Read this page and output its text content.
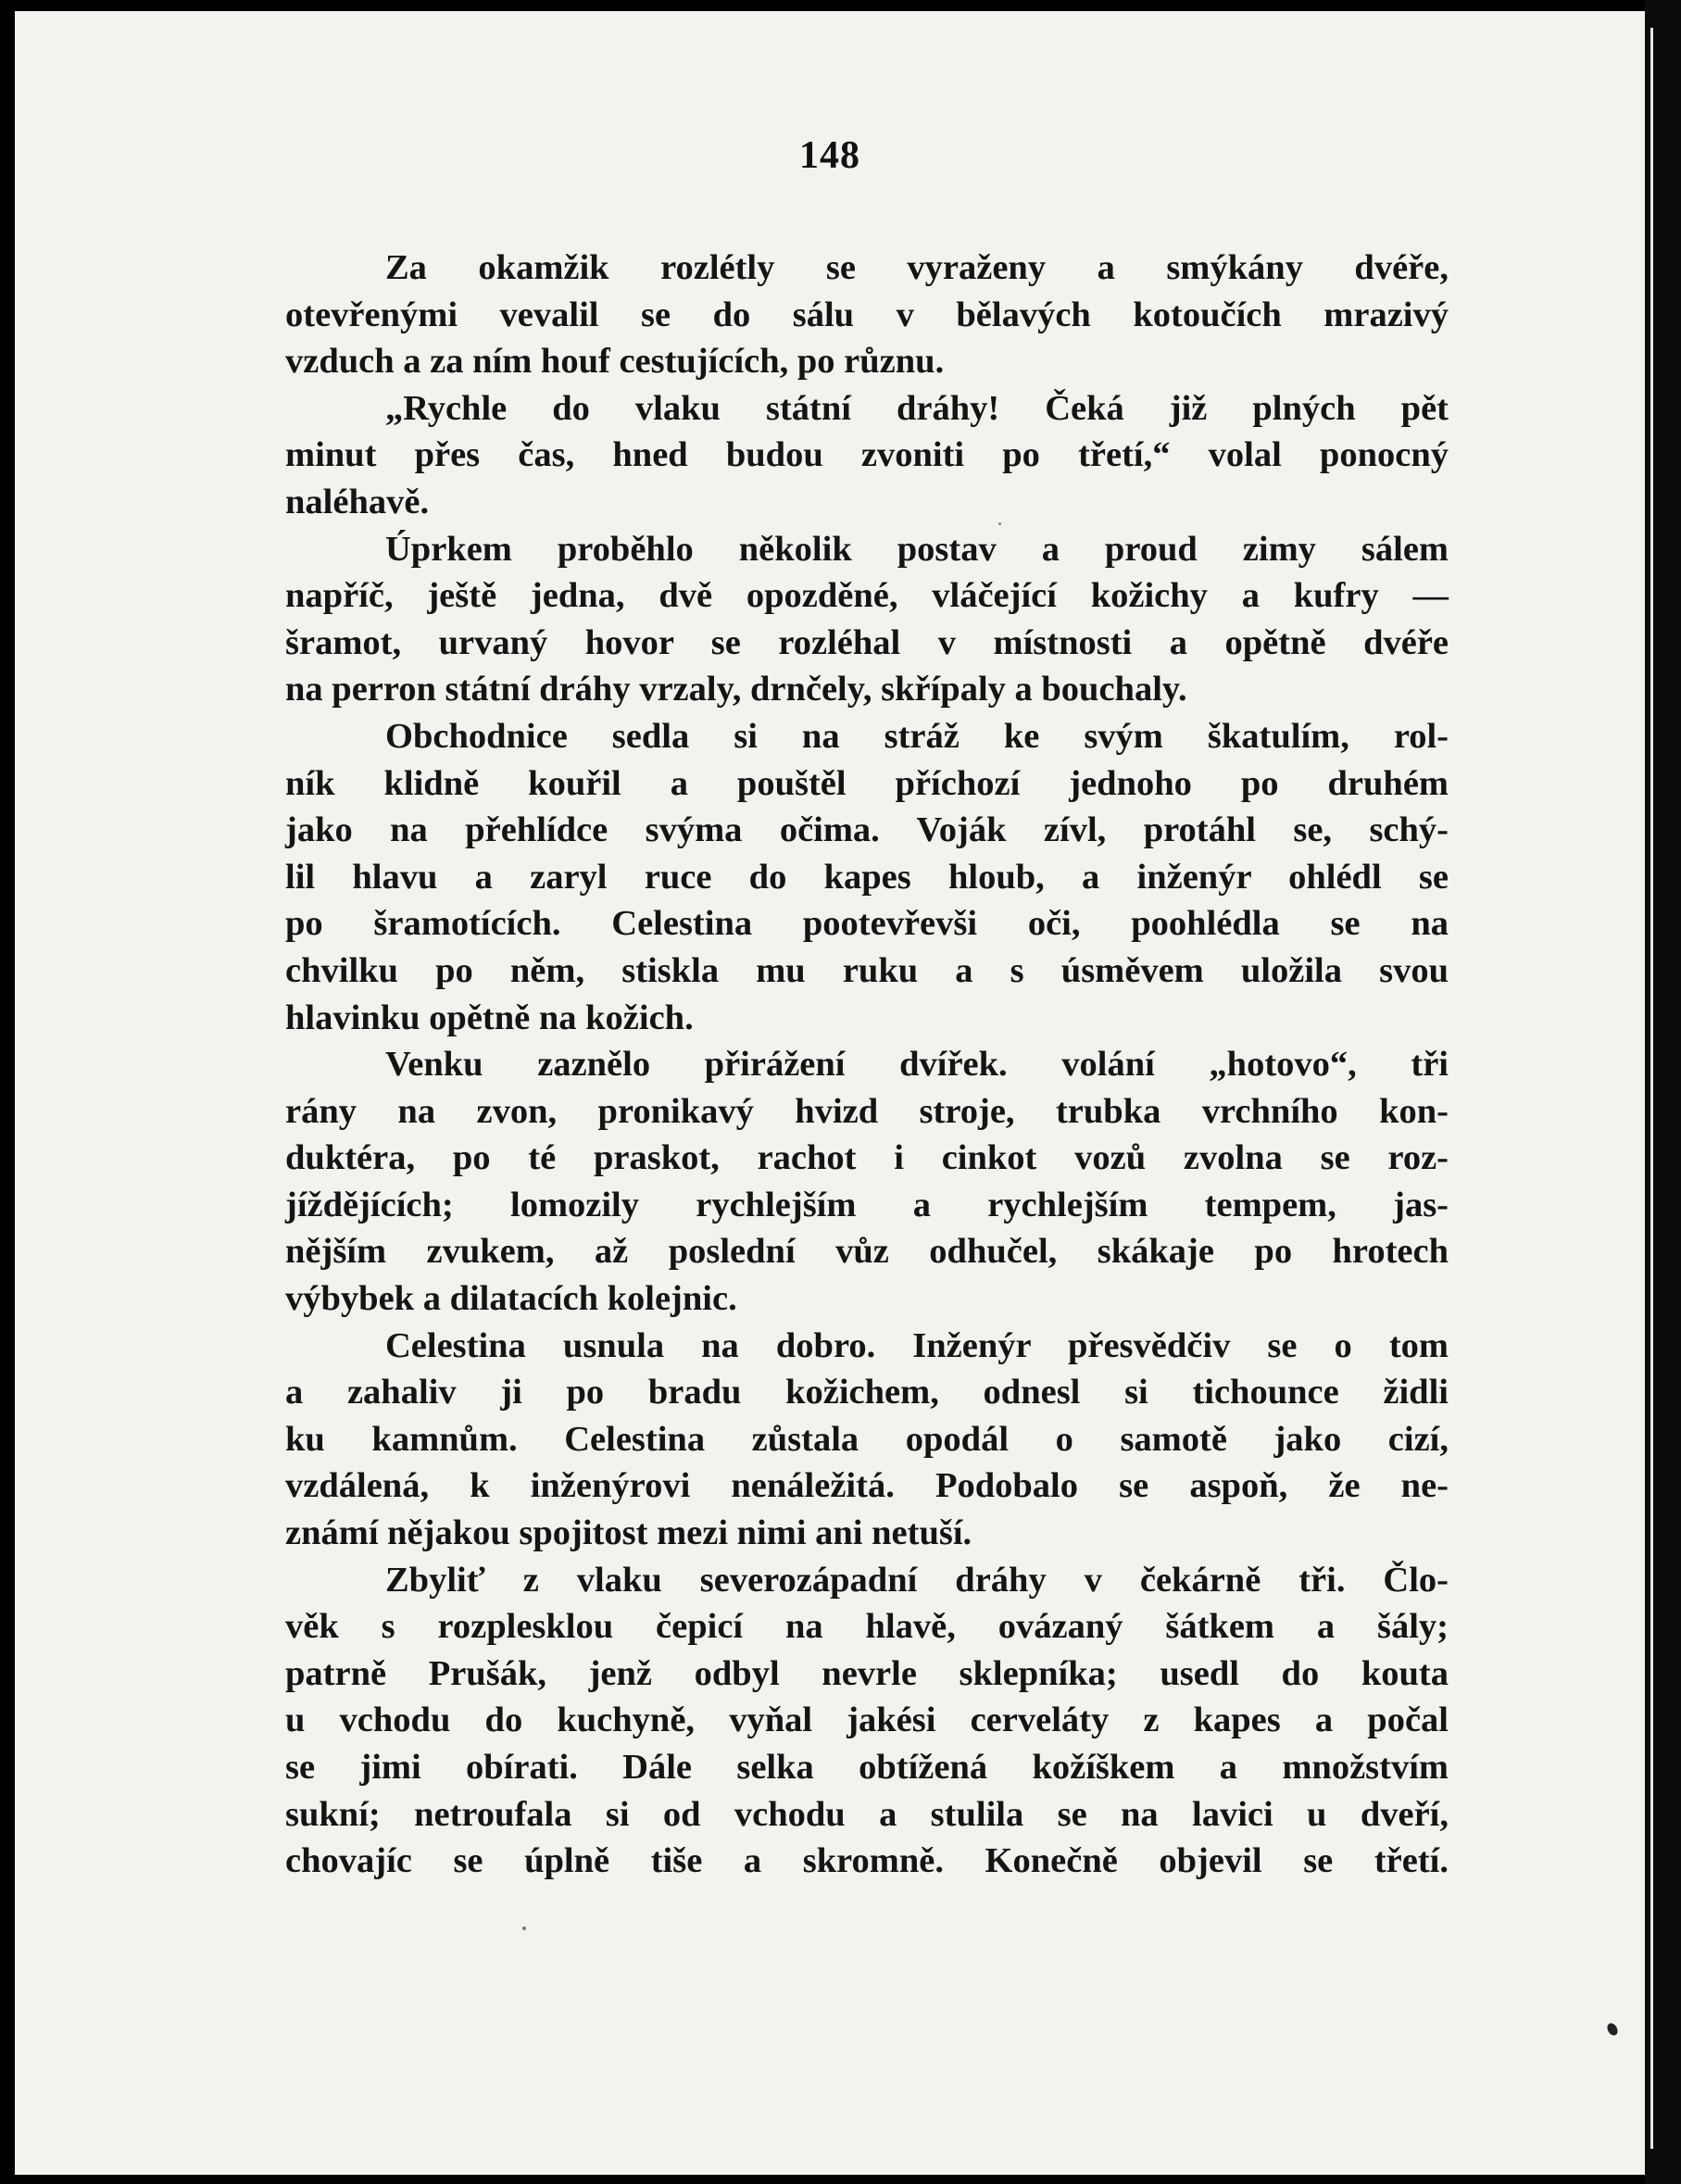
148

Za okamžik rozlétly se vyraženy a smýkány dvéře,
otevřenými vevalil se do sálu v bělavých kotoučích mrazivý
vzduch a za ním houf cestujících, po různu.

„Rychle do vlaku státní dráhy! Čeká již plných pět
minut přes čas, hned budou zvoniti po třetí,“ volal ponocný
naléhavě.

Úprkem proběhlo několik postav a proud zimy sálem
napříč, ještě jedna, dvě opozděné, vláčející kožichy a kufry —
šramot, urvaný hovor se rozléhal v místnosti a opětně dvéře
na perron státní dráhy vrzaly, drnčely, skřípaly a bouchaly.

Obchodnice sedla si na stráž ke svým škatulím, rol-
ník klidně kouřil a pouštěl příchozí jednoho po druhém
jako na přehlídce svýma očima. Voják zívl, protáhl se, schý-
lil hlavu a zaryl ruce do kapes hloub, a inženýr ohlédl se
po šramotících. Celestina pootevřevši oči, poohlédla se na
chvilku po něm, stiskla mu ruku a s úsměvem uložila svou
hlavinku opětně na kožich.

Venku zaznělo přirážení dvířek. volání „hotovo“, tři
rány na zvon, pronikavý hvizd stroje, trubka vrchního kon-
duktéra, po té praskot, rachot i cinkot vozů zvolna se roz-
jíždějících; lomozily rychlejším a rychlejším tempem, jas-
nějším zvukem, až poslední vůz odhučel, skákaje po hrotech
výbybek a dilatacích kolejnic.

Celestina usnula na dobro. Inženýr přesvědčiv se o tom
a zahaliv ji po bradu kožichem, odnesl si tichounce židli
ku kamnům. Celestina zůstala opodál o samotě jako cizí,
vzdálená, k inženýrovi nenáležitá. Podobalo se aspoň, že ne-
známí nějakou spojitost mezi nimi ani netuší.

Zbyliť z vlaku severozápadní dráhy v čekárně tři. Člo-
věk s rozplesklou čepicí na hlavě, ovázaný šátkem a šály;
patrně Prušák, jenž odbyl nevrle sklepníka; usedl do kouta
u vchodu do kuchyně, vyňal jakési cerveláty z kapes a počal
se jimi obírati. Dále selka obtížená kožíškem a množstvím
sukní; netroufala si od vchodu a stulila se na lavici u dveří,
chovajíc se úplně tiše a skromně. Konečně objevil se třetí.
